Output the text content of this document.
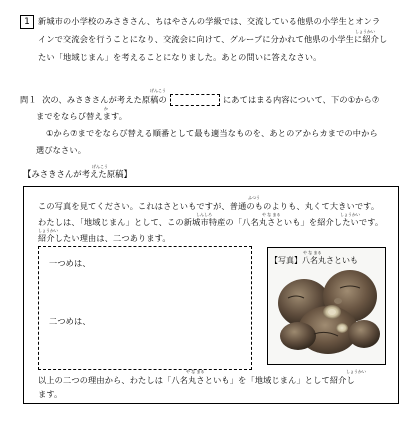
1 新城市の小学校のみさきさん、ちはやさんの学級では、交流している他県の小学生とオンラ
しょうかい
インで交流会を行うことになり、交流会に向けて、グループに分かれて他県の小学生に紹介し
たい「地域じまん」を考えることになりました。あとの問いに答えなさい。
げんこう
問１ 次の、みさきさんが考えた原稿の	にあてはまる内容について、下の①から⑦
か
までをならび替えます。
①から⑦までをならび替える順番として最も適当なものを、あとのアからカまでの中から
選びなさい。
げんこう
【みさきさんが考えた原稿】
ふつう
この写真を見てください。これはさといもですが、普通のものよりも、丸くて大きいです。
しんしろ	や な まる	しょうかい
わたしは、「地域じまん」として、この新城市特産の「八名丸さといも」を紹介したいです。
しょうかい
紹介したい理由は、二つあります。
一つめは、
二つめは、
や な まる
【写真】八名丸さといも
や な まる	しょうかい
以上の二つの理由から、わたしは「八名丸さといも」を「地域じまん」として紹介し
ます。
